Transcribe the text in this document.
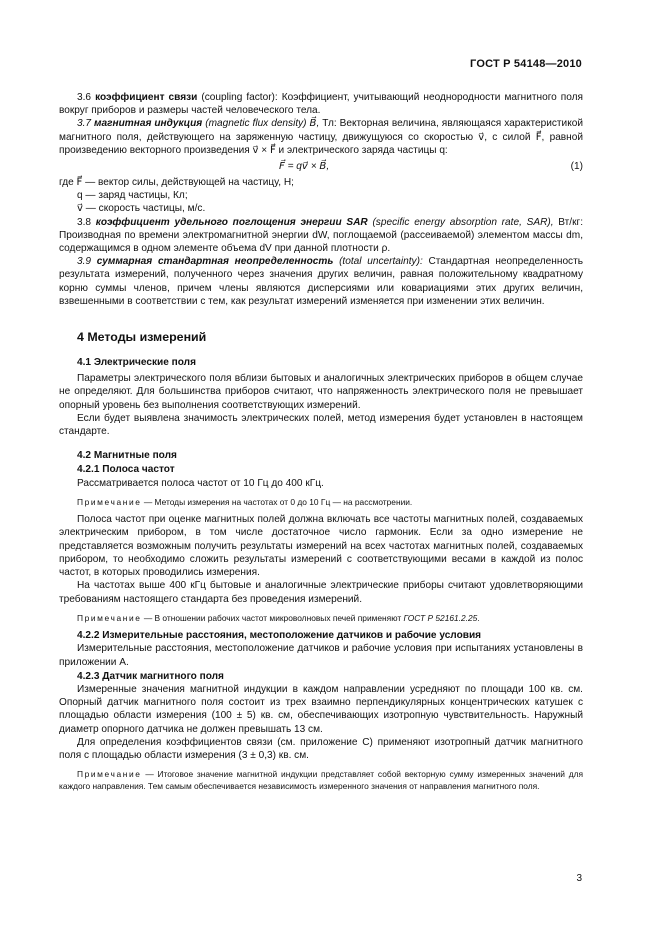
ГОСТ Р 54148—2010

3.6 коэффициент связи (coupling factor): Коэффициент, учитывающий неоднородности магнитного поля вокруг приборов и размеры частей человеческого тела.

3.7 магнитная индукция (magnetic flux density) B⃗, Тл: Векторная величина, являющаяся характеристикой магнитного поля, действующего на заряженную частицу, движущуюся со скоростью v⃗, с силой F⃗, равной произведению векторного произведения v⃗ × F⃗ и электрического заряда частицы q:

F⃗ = qv⃗ × B⃗,	(1)

где F⃗ — вектор силы, действующей на частицу, Н;

q — заряд частицы, Кл;

v⃗ — скорость частицы, м/с.

3.8 коэффициент удельного поглощения энергии SAR (specific energy absorption rate, SAR), Вт/кг: Производная по времени электромагнитной энергии dW, поглощаемой (рассеиваемой) элементом массы dm, содержащимся в одном элементе объема dV при данной плотности ρ.

3.9 суммарная стандартная неопределенность (total uncertainty): Стандартная неопределенность результата измерений, полученного через значения других величин, равная положительному квадратному корню суммы членов, причем члены являются дисперсиями или ковариациями этих других величин, взвешенными в соответствии с тем, как результат измерений изменяется при изменении этих величин.

4 Методы измерений

4.1 Электрические поля

Параметры электрического поля вблизи бытовых и аналогичных электрических приборов в общем случае не определяют. Для большинства приборов считают, что напряженность электрического поля не превышает опорный уровень без выполнения соответствующих измерений.

Если будет выявлена значимость электрических полей, метод измерения будет установлен в настоящем стандарте.

4.2 Магнитные поля

4.2.1 Полоса частот

Рассматривается полоса частот от 10 Гц до 400 кГц.

Примечание — Методы измерения на частотах от 0 до 10 Гц — на рассмотрении.

Полоса частот при оценке магнитных полей должна включать все частоты магнитных полей, создаваемых электрическим прибором, в том числе достаточное число гармоник. Если за одно измерение не представляется возможным получить результаты измерений на всех частотах магнитных полей, создаваемых прибором, то необходимо сложить результаты измерений с соответствующими весами в каждой из полос частот, в которых проводились измерения.

На частотах выше 400 кГц бытовые и аналогичные электрические приборы считают удовлетворяющими требованиям настоящего стандарта без проведения измерений.

Примечание — В отношении рабочих частот микроволновых печей применяют ГОСТ Р 52161.2.25.

4.2.2 Измерительные расстояния, местоположение датчиков и рабочие условия

Измерительные расстояния, местоположение датчиков и рабочие условия при испытаниях установлены в приложении А.

4.2.3 Датчик магнитного поля

Измеренные значения магнитной индукции в каждом направлении усредняют по площади 100 кв. см. Опорный датчик магнитного поля состоит из трех взаимно перпендикулярных концентрических катушек с площадью области измерения (100 ± 5) кв. см, обеспечивающих изотропную чувствительность. Наружный диаметр опорного датчика не должен превышать 13 см.

Для определения коэффициентов связи (см. приложение С) применяют изотропный датчик магнитного поля с площадью области измерения (3 ± 0,3) кв. см.

Примечание — Итоговое значение магнитной индукции представляет собой векторную сумму измеренных значений для каждого направления. Тем самым обеспечивается независимость измеренного значения от направления магнитного поля.

3
